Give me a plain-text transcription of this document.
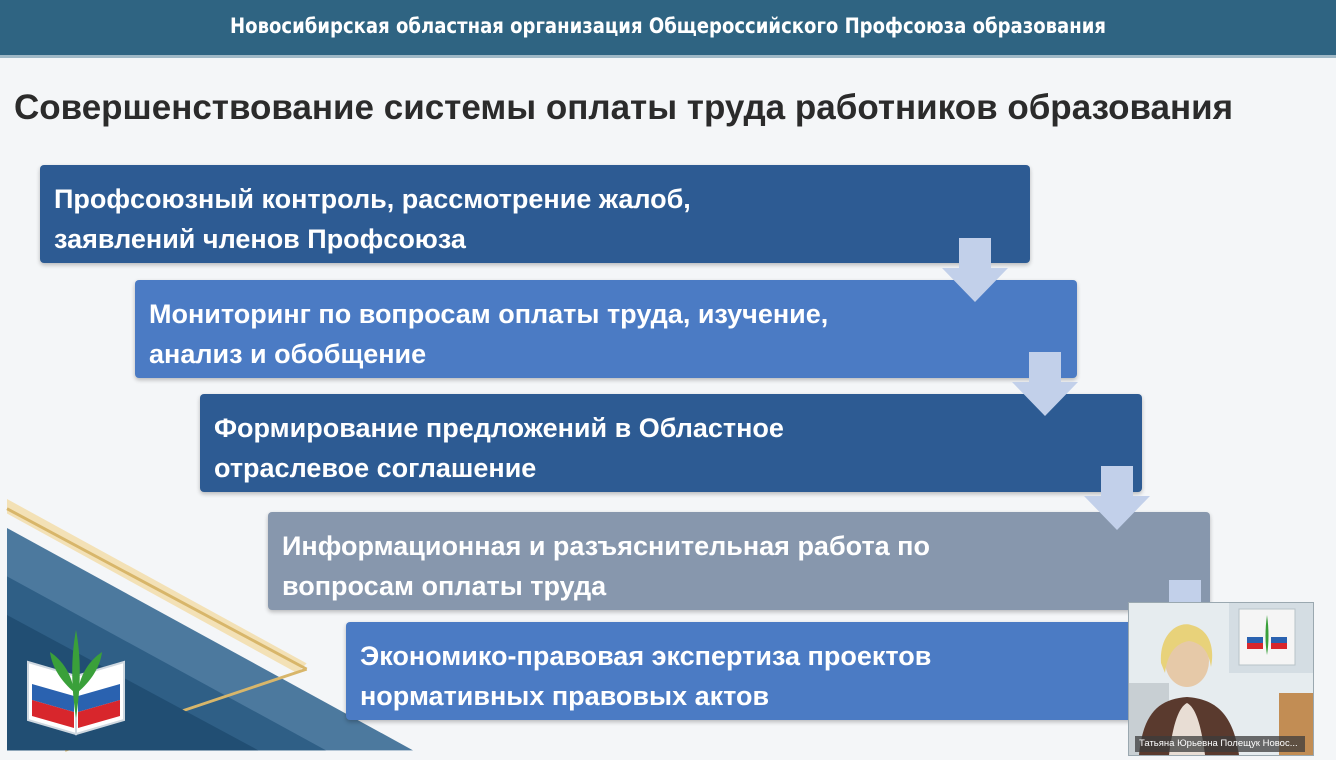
Новосибирская областная организация Общероссийского Профсоюза образования
Совершенствование системы оплаты труда работников образования
Профсоюзный контроль, рассмотрение жалоб,
заявлений членов Профсоюза
Мониторинг по вопросам оплаты труда, изучение,
анализ и обобщение
Формирование предложений в Областное
отраслевое соглашение
Информационная и разъяснительная работа по
вопросам оплаты труда
Экономико-правовая экспертиза проектов
нормативных правовых актов
Татьяна Юрьевна Полещук Новос...
